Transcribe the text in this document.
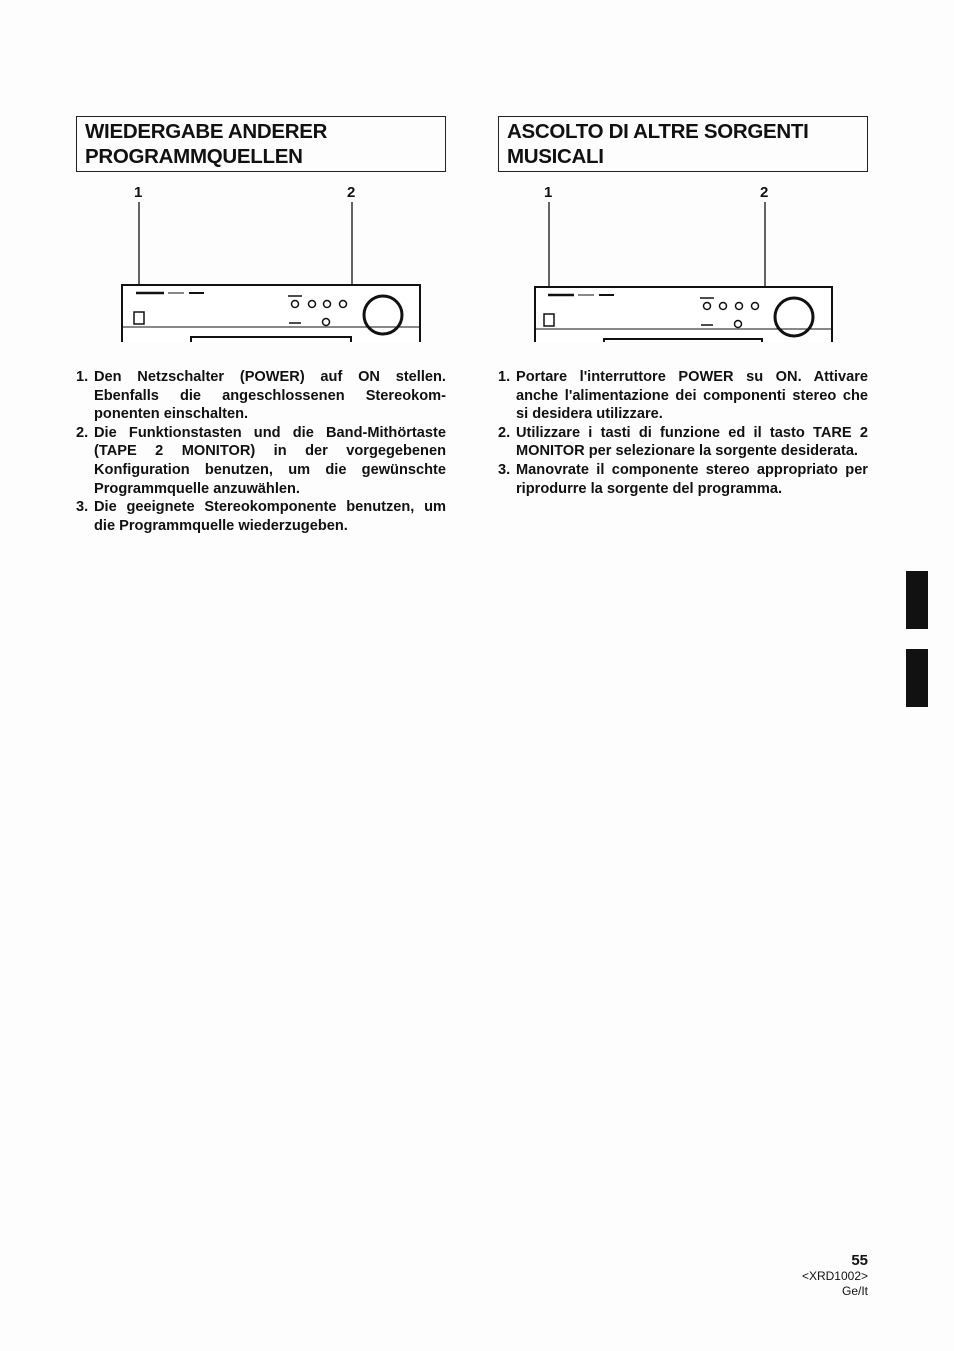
WIEDERGABE ANDERER
PROGRAMMQUELLEN
1	2
1. Den Netzschalter (POWER) auf ON stellen. Ebenfalls die angeschlossenen Stereokomponenten einschalten.
2. Die Funktionstasten und die Band-Mithörtaste (TAPE 2 MONITOR) in der vorgegebenen Konfiguration benutzen, um die gewünschte Programmquelle anzuwählen.
3. Die geeignete Stereokomponente benutzen, um die Programmquelle wiederzugeben.
ASCOLTO DI ALTRE SORGENTI
MUSICALI
1	2
1. Portare l'interruttore POWER su ON. Attivare anche l'alimentazione dei componenti stereo che si desidera utilizzare.
2. Utilizzare i tasti di funzione ed il tasto TARE 2 MONITOR per selezionare la sorgente desiderata.
3. Manovrate il componente stereo appropriato per riprodurre la sorgente del programma.
55
<XRD1002>
Ge/It
